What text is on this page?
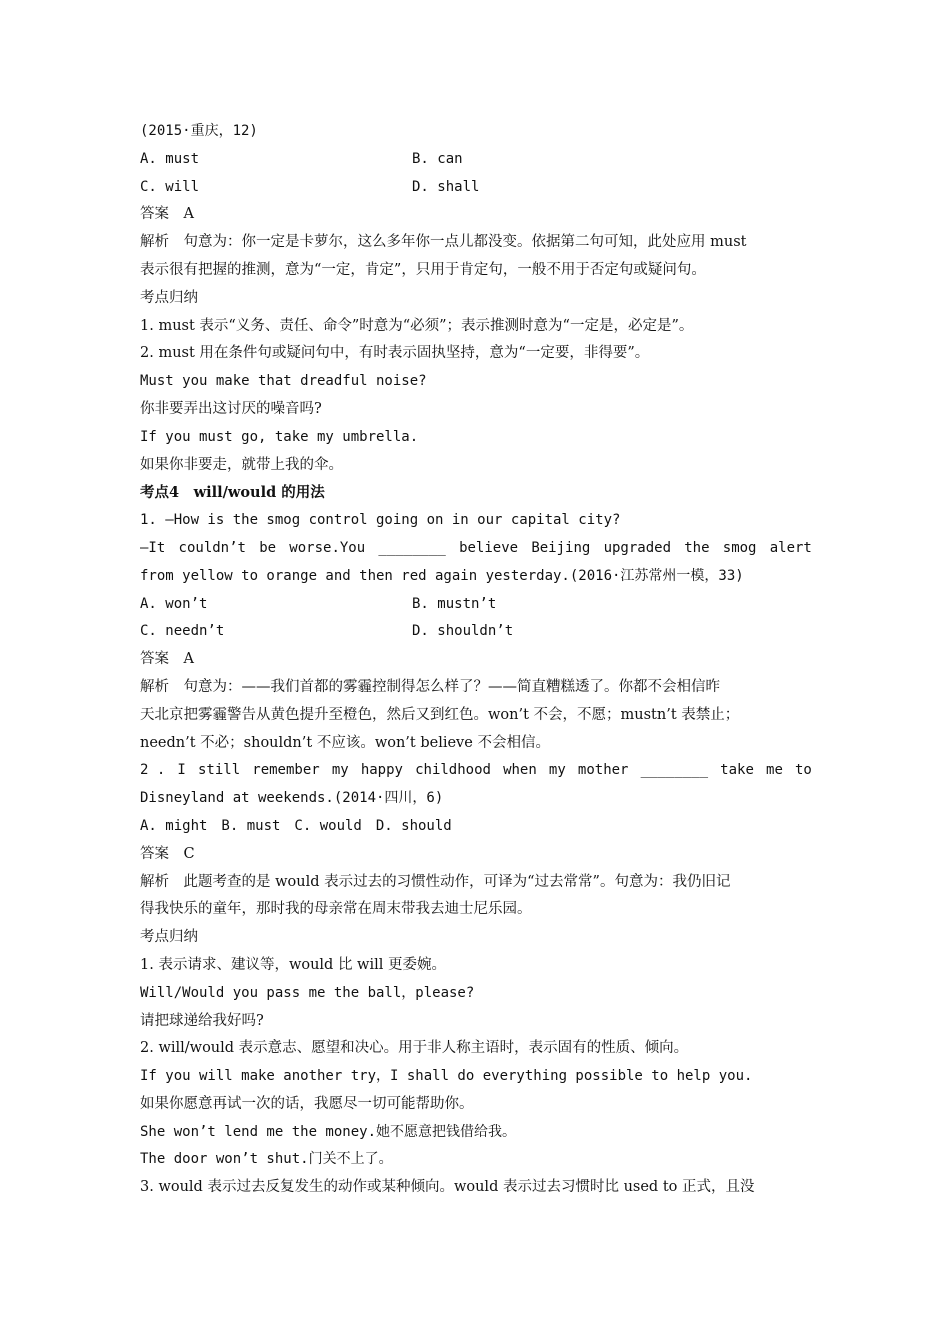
(2015·重庆，12)
A. must	B. can
C. will	D. shall
答案　A
解析　句意为：你一定是卡萝尔，这么多年你一点儿都没变。依据第二句可知，此处应用 must
表示很有把握的推测，意为“一定，肯定”，只用于肯定句，一般不用于否定句或疑问句。
考点归纳
1. must 表示“义务、责任、命令”时意为“必须”；表示推测时意为“一定是，必定是”。
2. must 用在条件句或疑问句中，有时表示固执坚持，意为“一定要，非得要”。
Must you make that dreadful noise?
你非要弄出这讨厌的噪音吗?
If you must go, take my umbrella.
如果你非要走，就带上我的伞。
考点4　will/would 的用法
1. —How is the smog control going on in our capital city?
—It couldn’t be worse.You ________ believe Beijing upgraded the smog alert
from yellow to orange and then red again yesterday.(2016·江苏常州一模，33)
A. won’t	B. mustn’t
C. needn’t	D. shouldn’t
答案　A
解析　句意为：——我们首都的雾霾控制得怎么样了？——简直糟糕透了。你都不会相信昨
天北京把雾霾警告从黄色提升至橙色，然后又到红色。won’t 不会，不愿；mustn’t 表禁止；
needn’t 不必；shouldn’t 不应该。won’t believe 不会相信。
2 . I still remember my happy childhood when my mother ________ take me to
Disneyland at weekends.(2014·四川，6)
A. might　B. must　C. would　D. should
答案　C
解析　此题考查的是 would 表示过去的习惯性动作，可译为“过去常常”。句意为：我仍旧记
得我快乐的童年，那时我的母亲常在周末带我去迪士尼乐园。
考点归纳
1. 表示请求、建议等，would 比 will 更委婉。
Will/Would you pass me the ball，please?
请把球递给我好吗?
2. will/would 表示意志、愿望和决心。用于非人称主语时，表示固有的性质、倾向。
If you will make another try，I shall do everything possible to help you.
如果你愿意再试一次的话，我愿尽一切可能帮助你。
She won’t lend me the money.她不愿意把钱借给我。
The door won’t shut.门关不上了。
3. would 表示过去反复发生的动作或某种倾向。would 表示过去习惯时比 used to 正式，且没
